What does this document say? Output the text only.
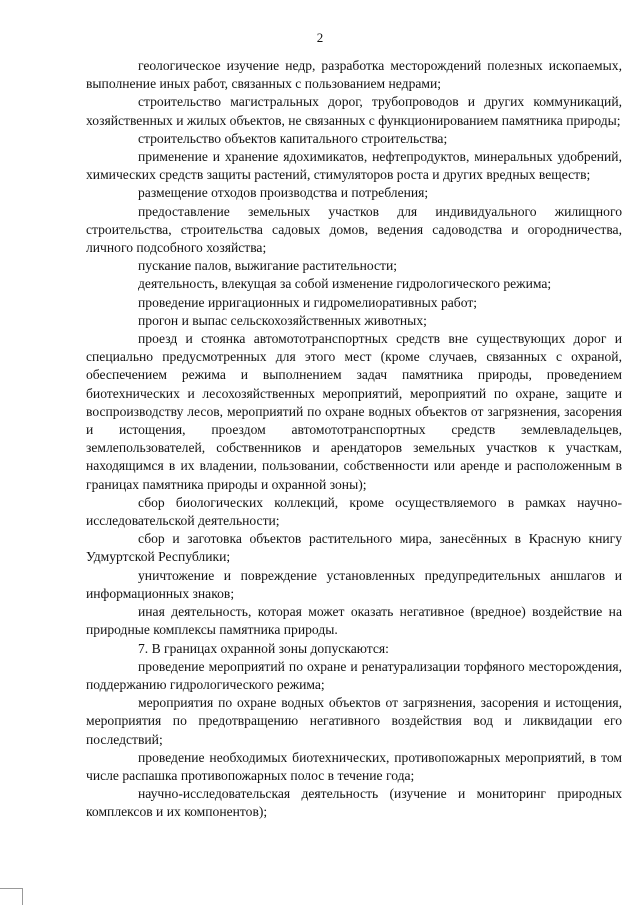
2

геологическое изучение недр, разработка месторождений полезных ископаемых, выполнение иных работ, связанных с пользованием недрами;

строительство магистральных дорог, трубопроводов и других коммуникаций, хозяйственных и жилых объектов, не связанных с функционированием памятника природы;

строительство объектов капитального строительства;

применение и хранение ядохимикатов, нефтепродуктов, минеральных удобрений, химических средств защиты растений, стимуляторов роста и других вредных веществ;

размещение отходов производства и потребления;

предоставление земельных участков для индивидуального жилищного строительства, строительства садовых домов, ведения садоводства и огородничества, личного подсобного хозяйства;

пускание палов, выжигание растительности;

деятельность, влекущая за собой изменение гидрологического режима;

проведение ирригационных и гидромелиоративных работ;

прогон и выпас сельскохозяйственных животных;

проезд и стоянка автомототранспортных средств вне существующих дорог и специально предусмотренных для этого мест (кроме случаев, связанных с охраной, обеспечением режима и выполнением задач памятника природы, проведением биотехнических и лесохозяйственных мероприятий, мероприятий по охране, защите и воспроизводству лесов, мероприятий по охране водных объектов от загрязнения, засорения и истощения, проездом автомототранспортных средств землевладельцев, землепользователей, собственников и арендаторов земельных участков к участкам, находящимся в их владении, пользовании, собственности или аренде и расположенным в границах памятника природы и охранной зоны);

сбор биологических коллекций, кроме осуществляемого в рамках научно-исследовательской деятельности;

сбор и заготовка объектов растительного мира, занесённых в Красную книгу Удмуртской Республики;

уничтожение и повреждение установленных предупредительных аншлагов и информационных знаков;

иная деятельность, которая может оказать негативное (вредное) воздействие на природные комплексы памятника природы.

7. В границах охранной зоны допускаются:

проведение мероприятий по охране и ренатурализации торфяного месторождения, поддержанию гидрологического режима;

мероприятия по охране водных объектов от загрязнения, засорения и истощения, мероприятия по предотвращению негативного воздействия вод и ликвидации его последствий;

проведение необходимых биотехнических, противопожарных мероприятий, в том числе распашка противопожарных полос в течение года;

научно-исследовательская деятельность (изучение и мониторинг природных комплексов и их компонентов);
